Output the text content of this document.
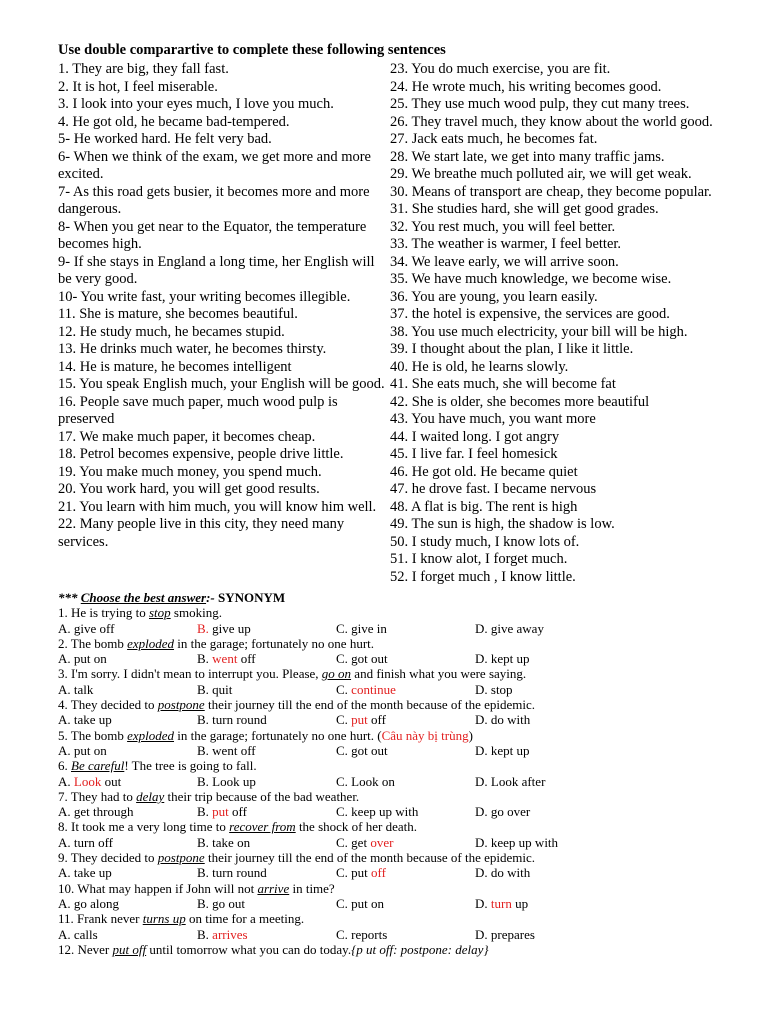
Use double comparartive to complete these following sentences
1. They are big, they fall fast.
2. It is hot, I feel miserable.
3. I look into your eyes much, I love you much.
4. He got old, he became bad-tempered.
5- He worked hard. He felt very bad.
6- When we think of the exam, we get more and more excited.
7- As this road gets busier, it becomes more and more dangerous.
8- When you get near to the Equator, the temperature becomes high.
9- If she stays in England a long time, her English will be very good.
10- You write fast, your writing becomes illegible.
11. She is mature, she becomes beautiful.
12. He study much, he becames stupid.
13. He drinks much water, he becomes thirsty.
14. He is mature, he becomes intelligent
15. You speak English much, your English will be good.
16. People save much paper, much wood pulp is preserved
17. We make much paper, it becomes cheap.
18. Petrol becomes expensive, people drive little.
19. You make much money, you spend much.
20. You work hard, you will get good results.
21. You learn with him much, you will know him well.
22. Many people live in this city, they need many services.
23. You do much exercise, you are fit.
24. He wrote much, his writing becomes good.
25. They use much wood pulp, they cut many trees.
26. They travel much, they know about the world good.
27. Jack eats much, he becomes fat.
28. We start late, we get into many traffic jams.
29. We breathe much polluted air, we will get weak.
30. Means of transport are cheap, they become popular.
31. She studies hard, she will get good grades.
32. You rest much, you will feel better.
33. The weather is warmer, I feel better.
34. We leave early, we will arrive soon.
35. We have much knowledge, we become wise.
36. You are young, you learn easily.
37. the hotel is expensive, the services are good.
38. You use much electricity, your bill will be high.
39. I thought about the plan, I like it little.
40. He is old, he learns slowly.
41. She eats much, she will become fat
42. She is older, she becomes more beautiful
43. You have much, you want more
44. I waited long. I got angry
45. I live far. I feel homesick
46. He got old. He became quiet
47. he drove fast. I became nervous
48. A flat is big. The rent is high
49. The sun is high, the shadow is low.
50. I study much, I know lots of.
51. I know alot, I forget much.
52. I forget much , I know little.
*** Choose the best answer:- SYNONYM
1. He is trying to stop smoking.
A. give off	B. give up	C. give in	D. give away
2. The bomb exploded in the garage; fortunately no one hurt.
A. put on	B. went off	C. got out	D. kept up
3. I'm sorry. I didn't mean to interrupt you. Please, go on and finish what you were saying.
A. talk	B. quit	C. continue	D. stop
4. They decided to postpone their journey till the end of the month because of the epidemic.
A. take up	B. turn round	C. put off	D. do with
5. The bomb exploded in the garage; fortunately no one hurt. (Câu này bị trùng)
A. put on	B. went off	C. got out	D. kept up
6. Be careful! The tree is going to fall.
A. Look out	B. Look up	C. Look on	D. Look after
7. They had to delay their trip because of the bad weather.
A. get through	B. put off	C. keep up with	D. go over
8. It took me a very long time to recover from the shock of her death.
A. turn off	B. take on	C. get over	D. keep up with
9. They decided to postpone their journey till the end of the month because of the epidemic.
A. take up	B. turn round	C. put off	D. do with
10. What may happen if John will not arrive in time?
A. go along	B. go out	C. put on	D. turn up
11. Frank never turns up on time for a meeting.
A. calls	B. arrives	C. reports	D. prepares
12. Never put off until tomorrow what you can do today.{p ut off: postpone: delay}
